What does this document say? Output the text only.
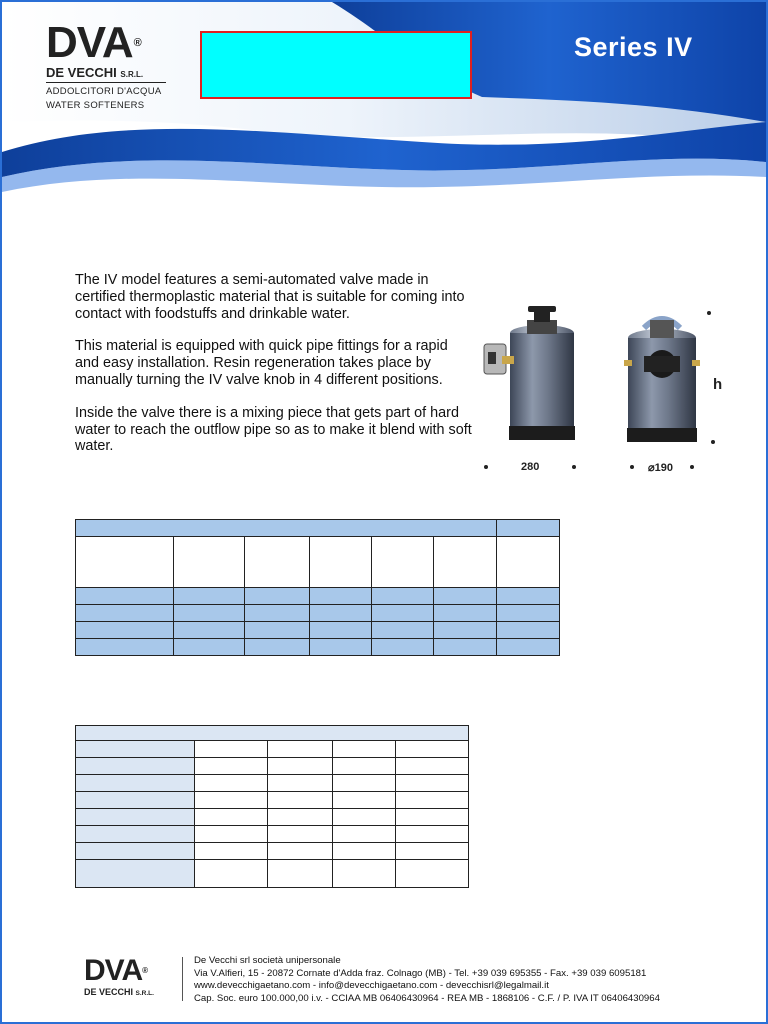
DVA®
DE VECCHI S.R.L.
ADDOLCITORI D'ACQUA
WATER SOFTENERS
Series IV

The IV model features a semi-automated valve made in certified thermoplastic material that is suitable for coming into contact with foodstuffs and drinkable water.

This material is equipped with quick pipe fittings for a rapid and easy installation. Resin regeneration takes place by manually turning the IV valve knob in 4 different positions.

Inside the valve there is a mixing piece that gets part of hard water to reach the outflow pipe so as to make it blend with soft water.

h
280	⌀190

DVA®
DE VECCHI S.R.L.
De Vecchi srl società unipersonale
Via V.Alfieri, 15 - 20872 Cornate d'Adda fraz. Colnago (MB) - Tel. +39 039 695355 - Fax. +39 039 6095181
www.devecchigaetano.com - info@devecchigaetano.com - devecchisrl@legalmail.it
Cap. Soc. euro 100.000,00 i.v. - CCIAA MB 06406430964 - REA MB - 1868106 - C.F. / P. IVA IT 06406430964
